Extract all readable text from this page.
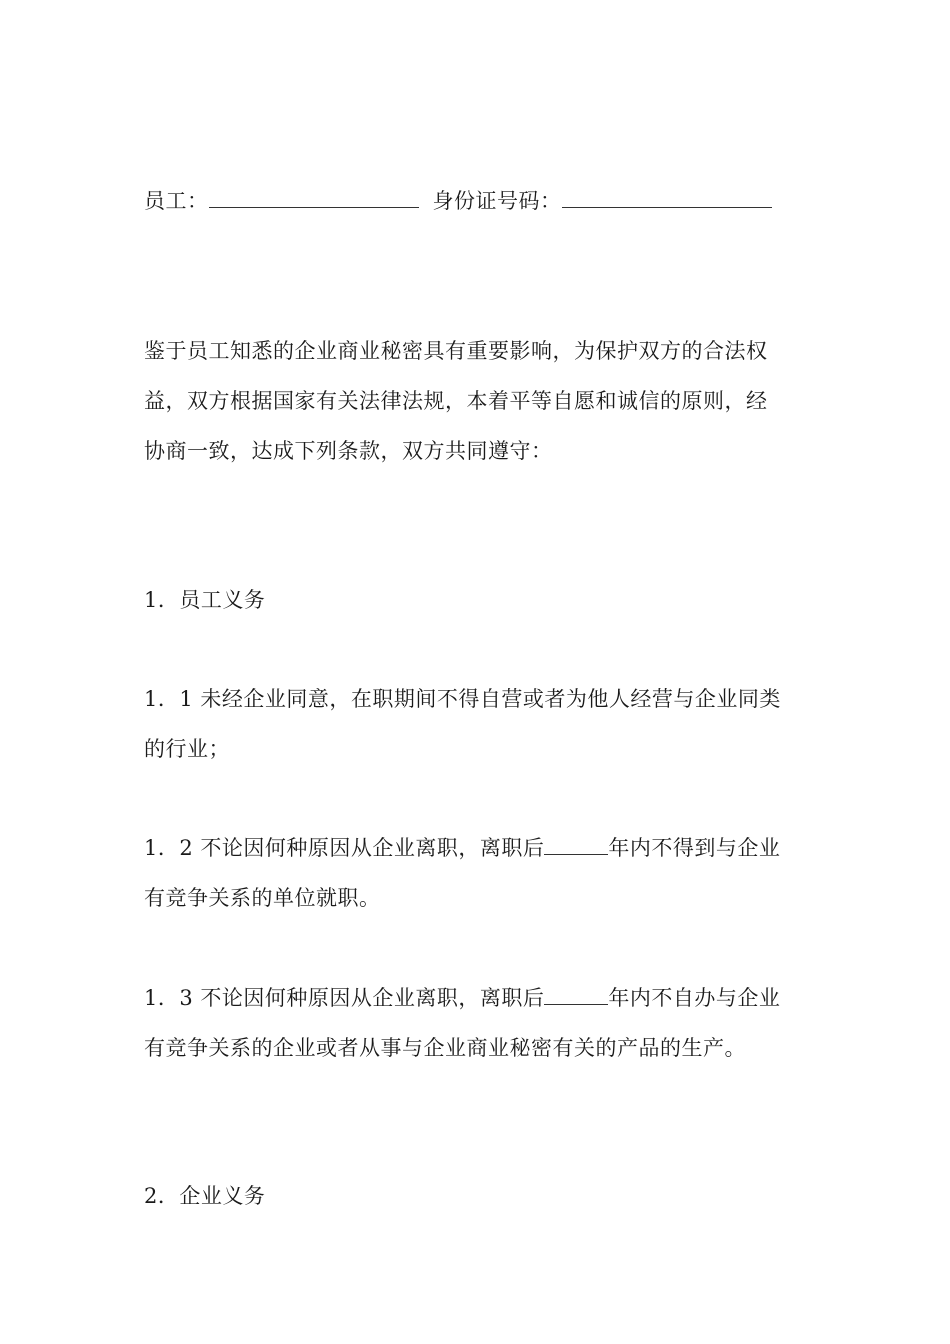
员工：	身份证号码：
鉴于员工知悉的企业商业秘密具有重要影响，为保护双方的合法权
益，双方根据国家有关法律法规，本着平等自愿和诚信的原则，经
协商一致，达成下列条款，双方共同遵守：
1．员工义务
1．1 未经企业同意，在职期间不得自营或者为他人经营与企业同类
的行业；
1．2 不论因何种原因从企业离职，离职后	年内不得到与企业
有竞争关系的单位就职。
1．3 不论因何种原因从企业离职，离职后	年内不自办与企业
有竞争关系的企业或者从事与企业商业秘密有关的产品的生产。
2．企业义务
